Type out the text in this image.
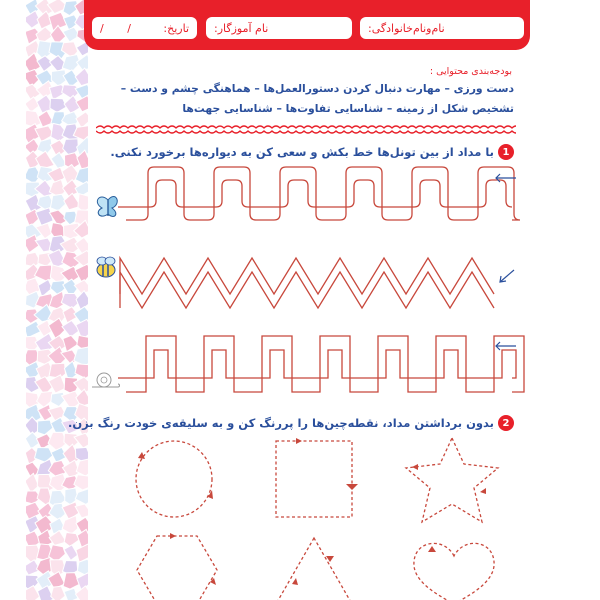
نام‌ونام‌خانوادگی:
نام آموزگار:
تاریخ:
/ /
بودجه‌بندی محتوایی :
دست ورزی – مهارت دنبال کردن دستورالعمل‌ها – هماهنگی چشم و دست – تشخیص شکل از زمینه – شناسایی تفاوت‌ها – شناسایی جهت‌ها
1
با مداد از بین تونل‌ها خط بکش و سعی کن به دیواره‌ها برخورد نکنی.
2
بدون برداشتن مداد، نقطه‌چین‌ها را پررنگ کن و به سلیقه‌ی خودت رنگ بزن.
